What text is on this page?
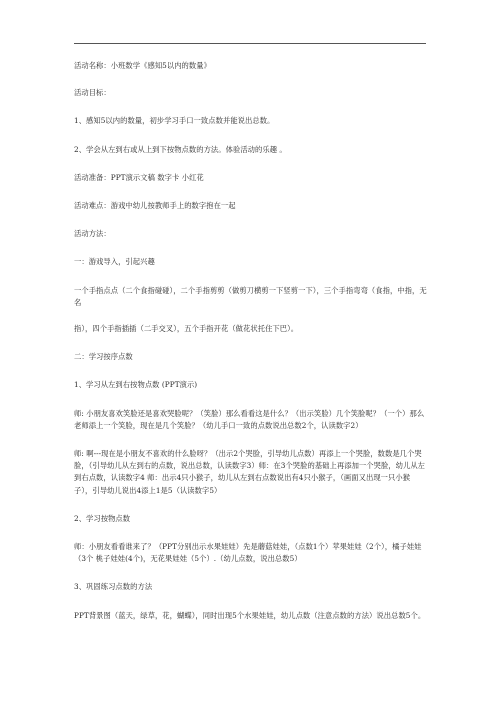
活动名称：小班数学《感知5以内的数量》

活动目标：

1、感知5以内的数量，初步学习手口一致点数并能说出总数。

2、学会从左到右或从上到下按物点数的方法。体验活动的乐趣 。

活动准备：PPT演示文稿 数字卡 小红花

活动难点：游戏中幼儿按教师手上的数字抱在一起

活动方法：

一：游戏导入，引起兴趣

一个手指点点（二个食指碰碰），二个手指剪剪（做剪刀横剪一下竖剪一下），三个手指弯弯（食指，中指，无名

指），四个手指插插（二手交叉），五个手指开花（做花状托住下巴）。

二：学习按序点数

1、学习从左到右按物点数 (PPT演示)

师: 小朋友喜欢笑脸还是喜欢哭脸呢？（笑脸）那么看看这是什么？（出示笑脸）几个笑脸呢？（一个）那么老师添上一个笑脸，现在是几个笑脸？（幼儿手口一致的点数说出总数2个，认读数字2）

师: 啊---现在是小朋友不喜欢的什么脸呀？（出示2个哭脸，引导幼儿点数）再添上一个哭脸，数数是几个哭脸，（引导幼儿从左到右的点数，说出总数，认读数字3）师：在3个哭脸的基础上再添加一个哭脸，幼儿从左到右点数，认读数字4 师：出示4只小猴子，幼儿从左到右点数说出有4只小猴子，（画面又出现一只小猴子），引导幼儿说出4添上1是5（认读数字5）

2、学习按物点数

师：小朋友看看谁来了？（PPT分别出示水果娃娃）先是蘑菇娃娃，（点数1个）苹果娃娃（2个），橘子娃娃（3个 桃子娃娃(4个)，无花果娃娃（5个）.（幼儿点数，说出总数5）

3、巩固练习点数的方法

PPT背景图（蓝天，绿草，花，蝴蝶），同时出现5个水果娃娃，幼儿点数（注意点数的方法）说出总数5个。
